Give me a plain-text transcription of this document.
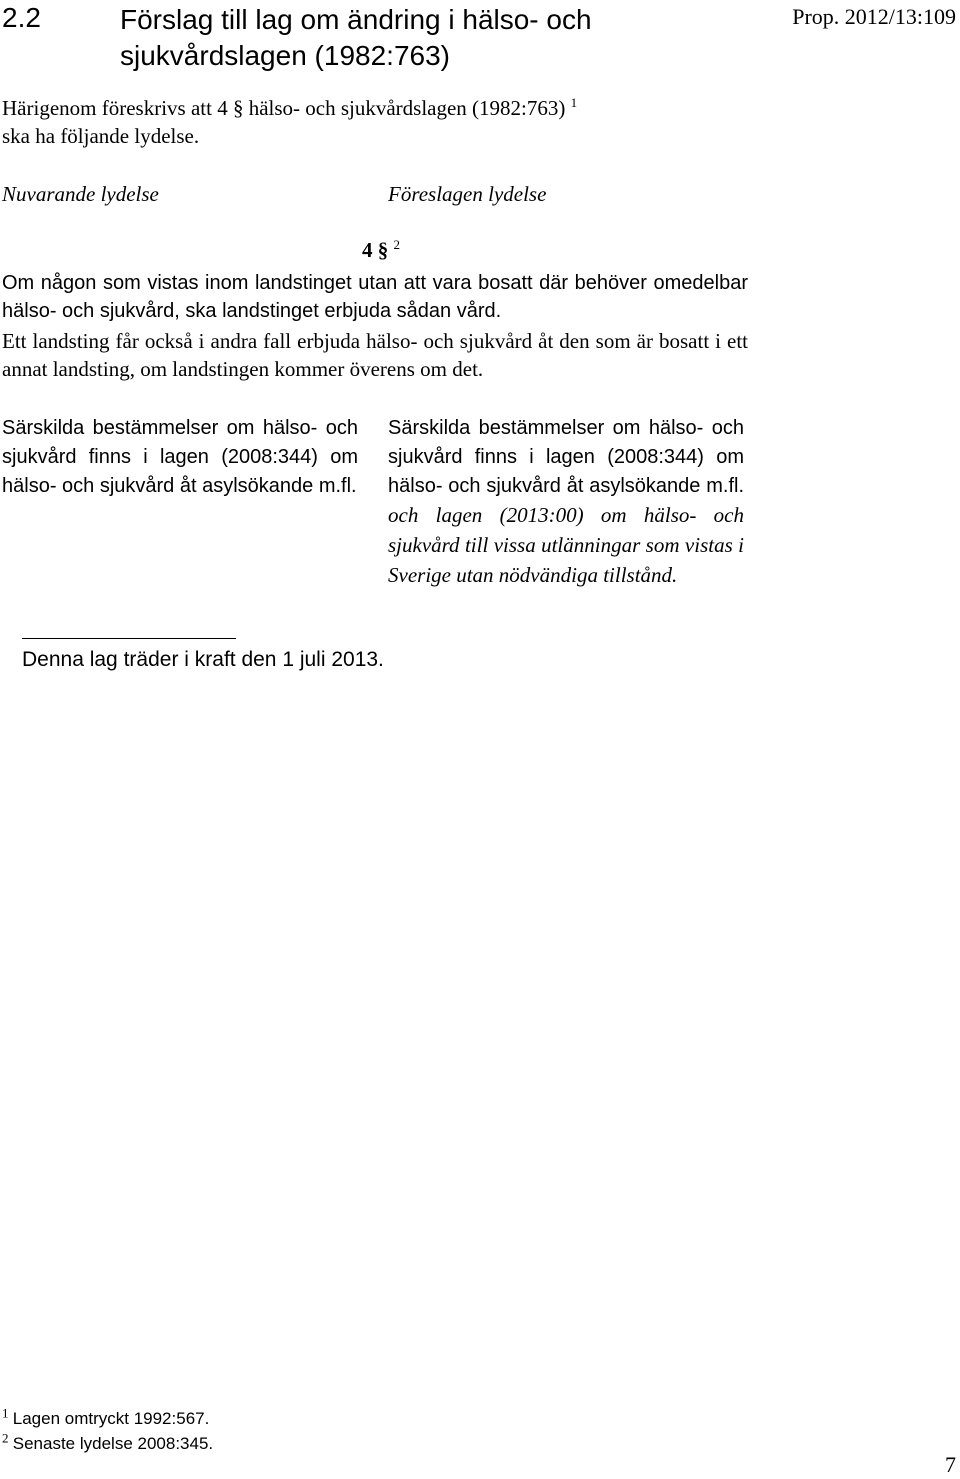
2.2	Förslag till lag om ändring i hälso- och sjukvårdslagen (1982:763)
Prop. 2012/13:109
Härigenom föreskrivs att 4 § hälso- och sjukvårdslagen (1982:763) $^1$
ska ha följande lydelse.
Nuvarande lydelse	Föreslagen lydelse
4 § $^2$
Om någon som vistas inom landstinget utan att vara bosatt där behöver omedelbar hälso- och sjukvård, ska landstinget erbjuda sådan vård.
Ett landsting får också i andra fall erbjuda hälso- och sjukvård åt den som är bosatt i ett annat landsting, om landstingen kommer överens om det.
Särskilda bestämmelser om hälso- och sjukvård finns i lagen (2008:344) om hälso- och sjukvård åt asylsökande m.fl.
Särskilda bestämmelser om hälso- och sjukvård finns i lagen (2008:344) om hälso- och sjukvård åt asylsökande m.fl. och lagen (2013:00) om hälso- och sjukvård till vissa utlänningar som vistas i Sverige utan nödvändiga tillstånd.
Denna lag träder i kraft den 1 juli 2013.
$^1$ Lagen omtryckt 1992:567.
$^2$ Senaste lydelse 2008:345.
7
